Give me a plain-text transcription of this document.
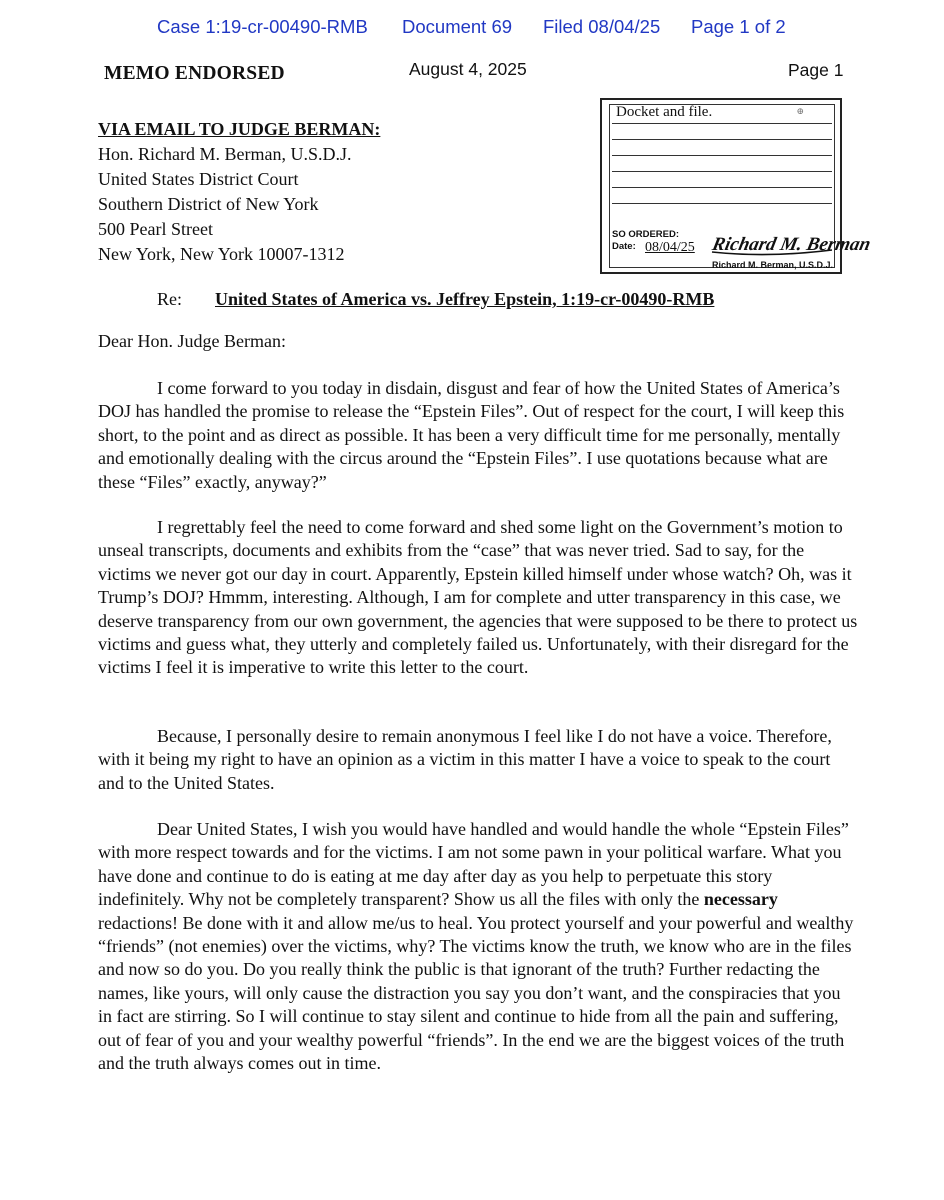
Case 1:19-cr-00490-RMB Document 69 Filed 08/04/25 Page 1 of 2
MEMO ENDORSED	August 4, 2025	Page 1
VIA EMAIL TO JUDGE BERMAN:
Hon. Richard M. Berman, U.S.D.J.
United States District Court
Southern District of New York
500 Pearl Street
New York, New York 10007-1312
Docket and file.	⊕
SO ORDERED:
Date: 08/04/25 Richard M. Berman
Richard M. Berman, U.S.D.J.
Re: United States of America vs. Jeffrey Epstein, 1:19-cr-00490-RMB
Dear Hon. Judge Berman:

I come forward to you today in disdain, disgust and fear of how the United States of America’s DOJ has handled the promise to release the “Epstein Files”. Out of respect for the court, I will keep this short, to the point and as direct as possible. It has been a very difficult time for me personally, mentally and emotionally dealing with the circus around the “Epstein Files”. I use quotations because what are these “Files” exactly, anyway?”

I regrettably feel the need to come forward and shed some light on the Government’s motion to unseal transcripts, documents and exhibits from the “case” that was never tried. Sad to say, for the victims we never got our day in court. Apparently, Epstein killed himself under whose watch? Oh, was it Trump’s DOJ? Hmmm, interesting. Although, I am for complete and utter transparency in this case, we deserve transparency from our own government, the agencies that were supposed to be there to protect us victims and guess what, they utterly and completely failed us. Unfortunately, with their disregard for the victims I feel it is imperative to write this letter to the court.

Because, I personally desire to remain anonymous I feel like I do not have a voice. Therefore, with it being my right to have an opinion as a victim in this matter I have a voice to speak to the court and to the United States.

Dear United States, I wish you would have handled and would handle the whole “Epstein Files” with more respect towards and for the victims. I am not some pawn in your political warfare. What you have done and continue to do is eating at me day after day as you help to perpetuate this story indefinitely. Why not be completely transparent? Show us all the files with only the necessary redactions! Be done with it and allow me/us to heal. You protect yourself and your powerful and wealthy “friends” (not enemies) over the victims, why? The victims know the truth, we know who are in the files and now so do you. Do you really think the public is that ignorant of the truth? Further redacting the names, like yours, will only cause the distraction you say you don’t want, and the conspiracies that you in fact are stirring. So I will continue to stay silent and continue to hide from all the pain and suffering, out of fear of you and your wealthy powerful “friends”. In the end we are the biggest voices of the truth and the truth always comes out in time.
